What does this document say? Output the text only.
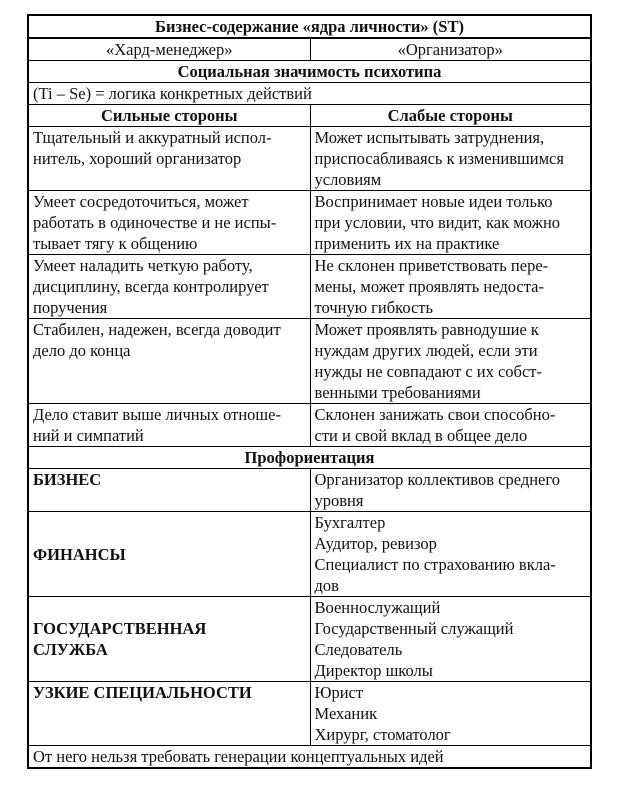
Бизнес-содержание «ядра личности» (ST)	
«Хард-менеджер»	«Организатор»
Социальная значимость психотипа	
(Ti – Se) = логика конкретных действий	
Сильные стороны	Слабые стороны

Тщательный и аккуратный испол-
нитель, хороший организатор	Может испытывать затруднения,
приспосабливаясь к изменившимся
условиям

Умеет сосредоточиться, может
работать в одиночестве и не испы-
тывает тягу к общению	Воспринимает новые идеи только
при условии, что видит, как можно
применить их на практике

Умеет наладить четкую работу,
дисциплину, всегда контролирует
поручения	Не склонен приветствовать пере-
мены, может проявлять недоста-
точную гибкость

Стабилен, надежен, всегда доводит
дело до конца	Может проявлять равнодушие к
нуждам других людей, если эти
нужды не совпадают с их собст-
венными требованиями

Дело ставит выше личных отноше-
ний и симпатий	Склонен занижать свои способно-
сти и свой вклад в общее дело

Профориентация	

БИЗНЕС	Организатор коллективов среднего
уровня

ФИНАНСЫ	Бухгалтер
Аудитор, ревизор
Специалист по страхованию вкла-
дов

ГОСУДАРСТВЕННАЯ
СЛУЖБА	Военнослужащий
Государственный служащий
Следователь
Директор школы

УЗКИЕ СПЕЦИАЛЬНОСТИ	Юрист
Механик
Хирург, стоматолог

От него нельзя требовать генерации концептуальных идей	
